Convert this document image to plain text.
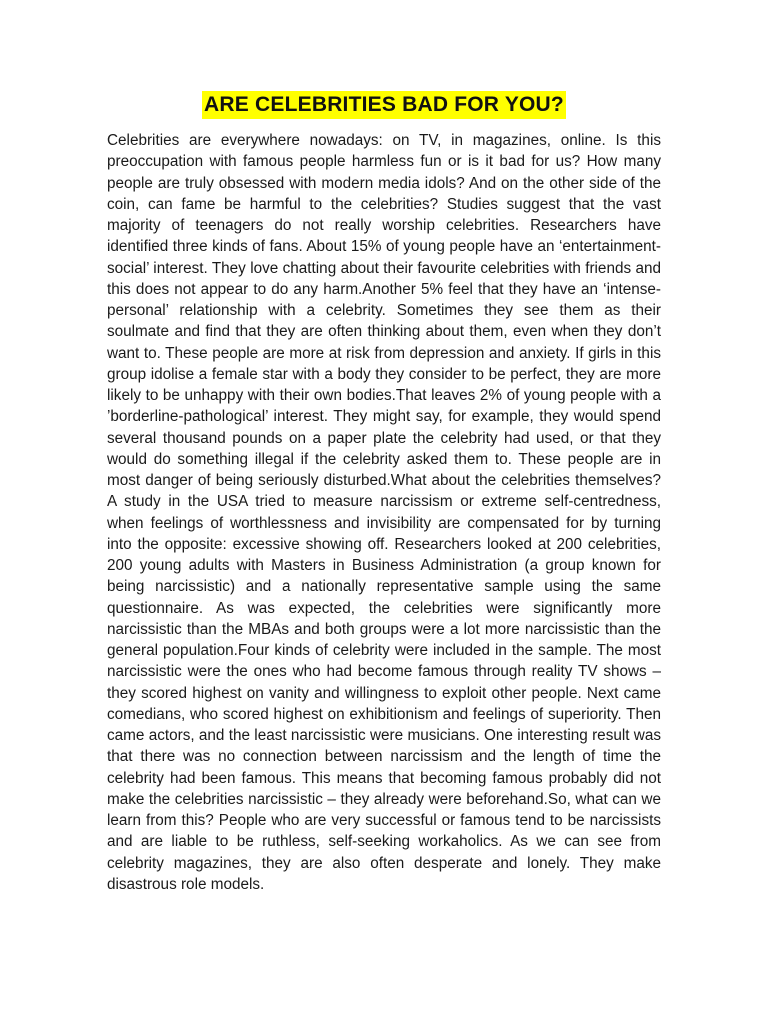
ARE CELEBRITIES BAD FOR YOU?

Celebrities are everywhere nowadays: on TV, in magazines, online. Is this preoccupation with famous people harmless fun or is it bad for us? How many people are truly obsessed with modern media idols? And on the other side of the coin, can fame be harmful to the celebrities? Studies suggest that the vast majority of teenagers do not really worship celebrities. Researchers have identified three kinds of fans. About 15% of young people have an ‘entertainment-social’ interest. They love chatting about their favourite celebrities with friends and this does not appear to do any harm.Another 5% feel that they have an ‘intense-personal’ relationship with a celebrity. Sometimes they see them as their soulmate and find that they are often thinking about them, even when they don’t want to. These people are more at risk from depression and anxiety. If girls in this group idolise a female star with a body they consider to be perfect, they are more likely to be unhappy with their own bodies.That leaves 2% of young people with a ’borderline-pathological’ interest. They might say, for example, they would spend several thousand pounds on a paper plate the celebrity had used, or that they would do something illegal if the celebrity asked them to. These people are in most danger of being seriously disturbed.What about the celebrities themselves? A study in the USA tried to measure narcissism or extreme self-centredness, when feelings of worthlessness and invisibility are compensated for by turning into the opposite: excessive showing off. Researchers looked at 200 celebrities, 200 young adults with Masters in Business Administration (a group known for being narcissistic) and a nationally representative sample using the same questionnaire. As was expected, the celebrities were significantly more narcissistic than the MBAs and both groups were a lot more narcissistic than the general population.Four kinds of celebrity were included in the sample. The most narcissistic were the ones who had become famous through reality TV shows – they scored highest on vanity and willingness to exploit other people. Next came comedians, who scored highest on exhibitionism and feelings of superiority. Then came actors, and the least narcissistic were musicians. One interesting result was that there was no connection between narcissism and the length of time the celebrity had been famous. This means that becoming famous probably did not make the celebrities narcissistic – they already were beforehand.So, what can we learn from this? People who are very successful or famous tend to be narcissists and are liable to be ruthless, self-seeking workaholics. As we can see from celebrity magazines, they are also often desperate and lonely. They make disastrous role models.
